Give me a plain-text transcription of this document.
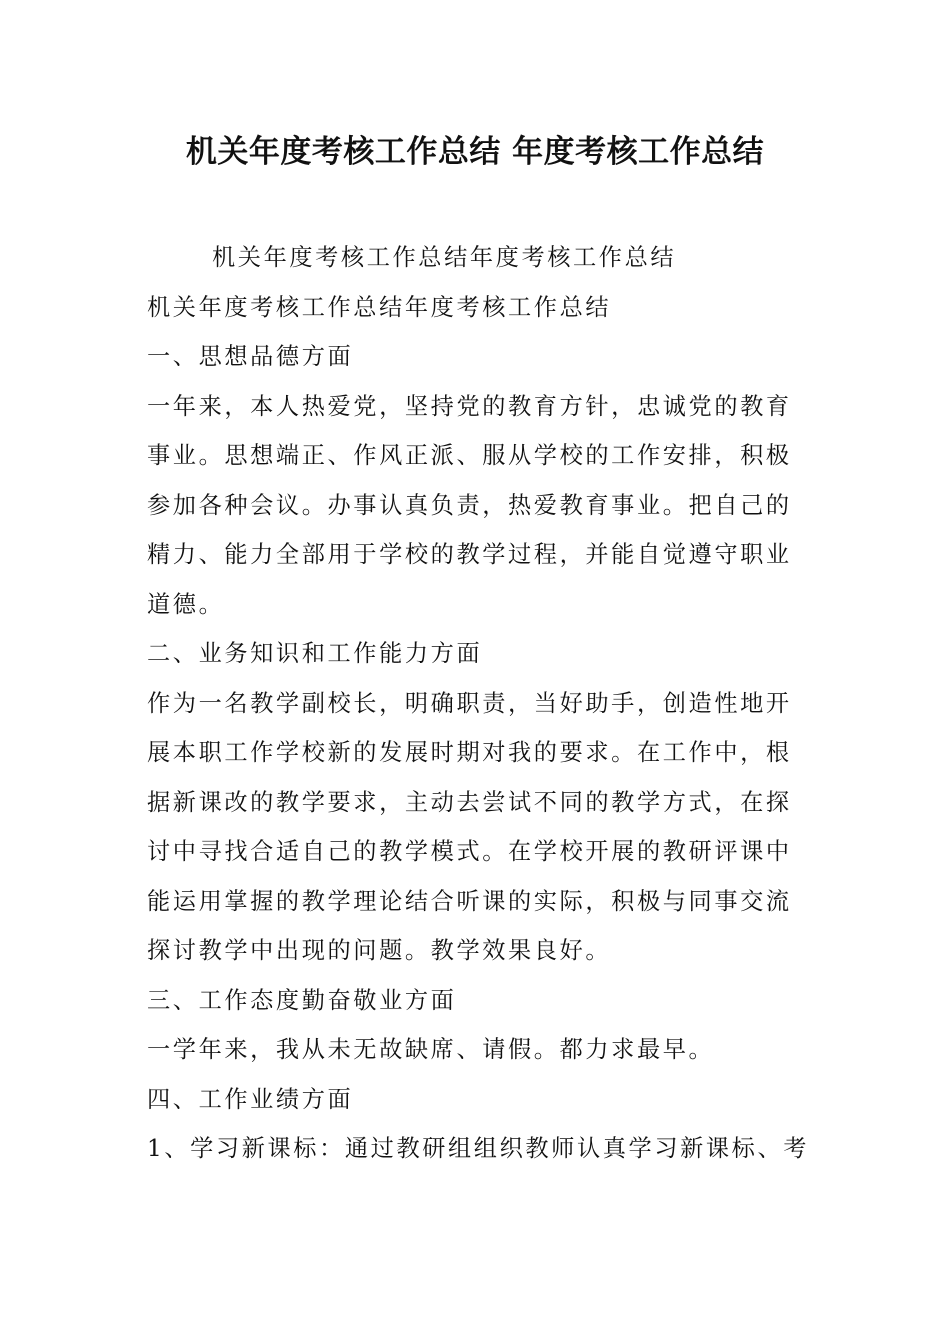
机关年度考核工作总结 年度考核工作总结
机关年度考核工作总结年度考核工作总结
机关年度考核工作总结年度考核工作总结
一、思想品德方面
一年来，本人热爱党，坚持党的教育方针，忠诚党的教育
事业。思想端正、作风正派、服从学校的工作安排，积极
参加各种会议。办事认真负责，热爱教育事业。把自己的
精力、能力全部用于学校的教学过程，并能自觉遵守职业
道德。
二、业务知识和工作能力方面
作为一名教学副校长，明确职责，当好助手，创造性地开
展本职工作学校新的发展时期对我的要求。在工作中，根
据新课改的教学要求，主动去尝试不同的教学方式，在探
讨中寻找合适自己的教学模式。在学校开展的教研评课中
能运用掌握的教学理论结合听课的实际，积极与同事交流
探讨教学中出现的问题。教学效果良好。
三、工作态度勤奋敬业方面
一学年来，我从未无故缺席、请假。都力求最早。
四、工作业绩方面
1、学习新课标：通过教研组组织教师认真学习新课标、考
